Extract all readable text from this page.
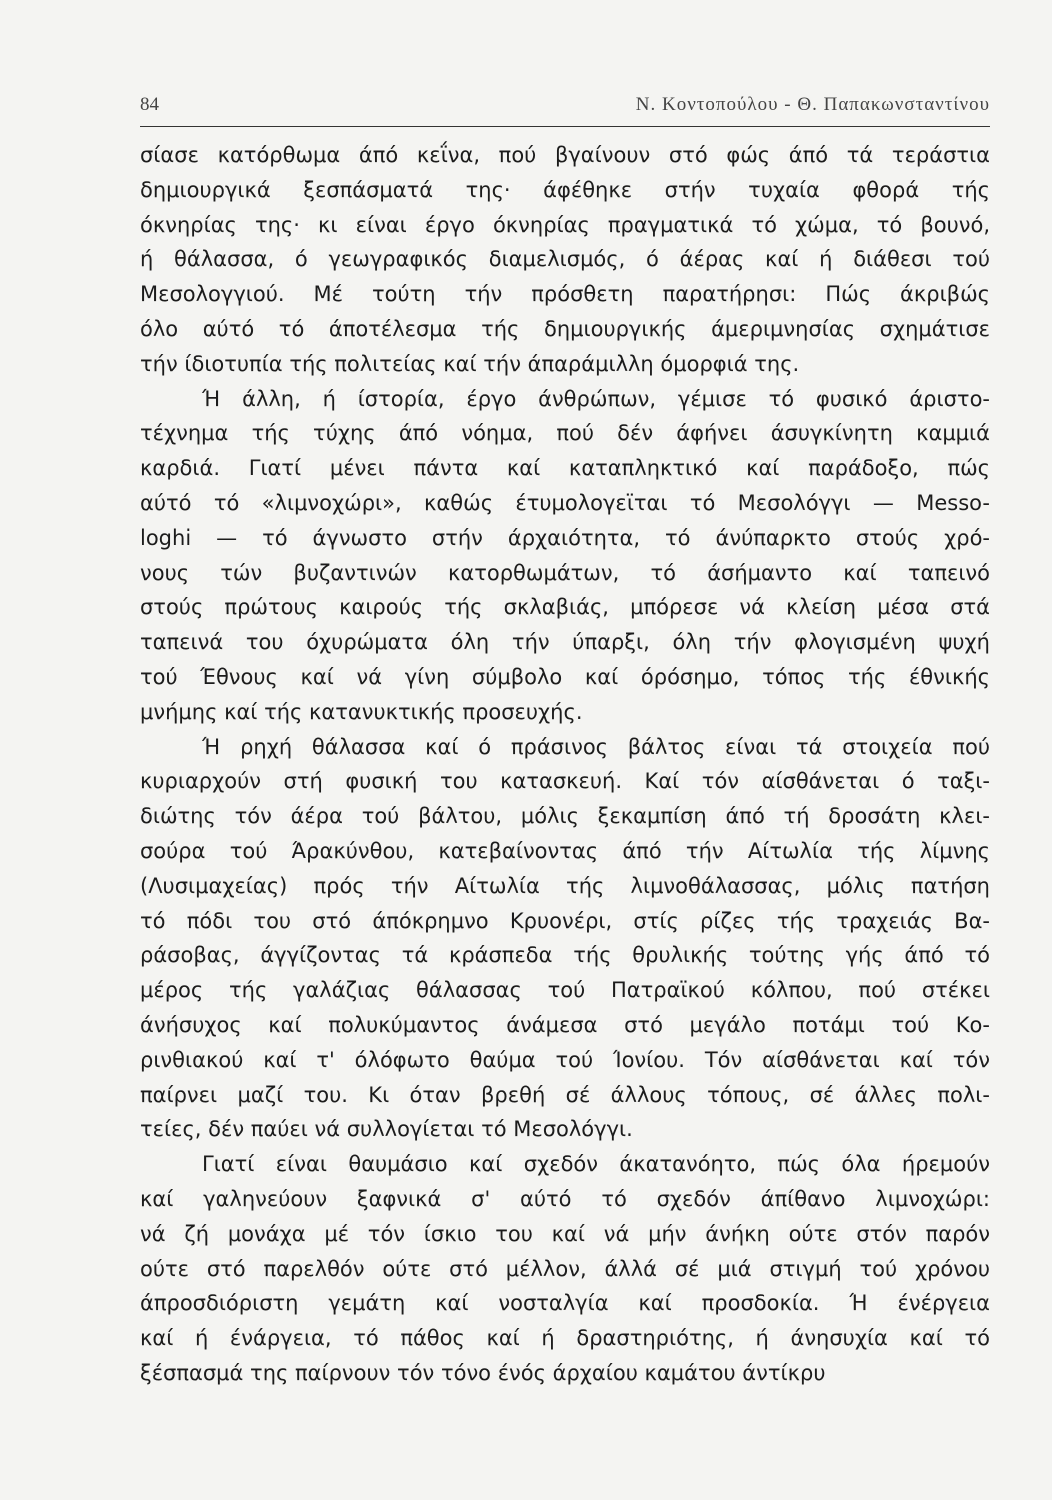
84	Ν. Κοντοπούλου - Θ. Παπακωνσταντίνου
σίασε κατόρθωμα άπό κεΐνα, πού βγαίνουν στό φώς άπό τά τεράστια
δημιουργικά ξεσπάσματά της· άφέθηκε στήν τυχαία φθορά τής
όκνηρίας της· κι είναι έργο όκνηρίας πραγματικά τό χώμα, τό βουνό,
ή θάλασσα, ό γεωγραφικός διαμελισμός, ό άέρας καί ή διάθεσι τού
Μεσολογγιού. Μέ τούτη τήν πρόσθετη παρατήρησι: Πώς άκριβώς
όλο αύτό τό άποτέλεσμα τής δημιουργικής άμεριμνησίας σχημάτισε
τήν ίδιοτυπία τής πολιτείας καί τήν άπαράμιλλη όμορφιά της.
Ή άλλη, ή ίστορία, έργο άνθρώπων, γέμισε τό φυσικό άριστο-
τέχνημα τής τύχης άπό νόημα, πού δέν άφήνει άσυγκίνητη καμμιά
καρδιά. Γιατί μένει πάντα καί καταπληκτικό καί παράδοξο, πώς
αύτό τό «λιμνοχώρι», καθώς έτυμολογεϊται τό Μεσολόγγι — Messo-
loghi — τό άγνωστο στήν άρχαιότητα, τό άνύπαρκτο στούς χρό-
νους τών βυζαντινών κατορθωμάτων, τό άσήμαντο καί ταπεινό
στούς πρώτους καιρούς τής σκλαβιάς, μπόρεσε νά κλείση μέσα στά
ταπεινά του όχυρώματα όλη τήν ύπαρξι, όλη τήν φλογισμένη ψυχή
τού Έθνους καί νά γίνη σύμβολο καί όρόσημο, τόπος τής έθνικής
μνήμης καί τής κατανυκτικής προσευχής.
Ή ρηχή θάλασσα καί ό πράσινος βάλτος είναι τά στοιχεία πού
κυριαρχούν στή φυσική του κατασκευή. Καί τόν αίσθάνεται ό ταξι-
διώτης τόν άέρα τού βάλτου, μόλις ξεκαμπίση άπό τή δροσάτη κλει-
σούρα τού Άρακύνθου, κατεβαίνοντας άπό τήν Αίτωλία τής λίμνης
(Λυσιμαχείας) πρός τήν Αίτωλία τής λιμνοθάλασσας, μόλις πατήση
τό πόδι του στό άπόκρημνο Κρυονέρι, στίς ρίζες τής τραχειάς Βα-
ράσοβας, άγγίζοντας τά κράσπεδα τής θρυλικής τούτης γής άπό τό
μέρος τής γαλάζιας θάλασσας τού Πατραϊκού κόλπου, πού στέκει
άνήσυχος καί πολυκύμαντος άνάμεσα στό μεγάλο ποτάμι τού Κο-
ρινθιακού καί τ' όλόφωτο θαύμα τού Ίονίου. Τόν αίσθάνεται καί τόν
παίρνει μαζί του. Κι όταν βρεθή σέ άλλους τόπους, σέ άλλες πολι-
τείες, δέν παύει νά συλλογίεται τό Μεσολόγγι.
Γιατί είναι θαυμάσιο καί σχεδόν άκατανόητο, πώς όλα ήρεμούν
καί γαληνεύουν ξαφνικά σ' αύτό τό σχεδόν άπίθανο λιμνοχώρι:
νά ζή μονάχα μέ τόν ίσκιο του καί νά μήν άνήκη ούτε στόν παρόν
ούτε στό παρελθόν ούτε στό μέλλον, άλλά σέ μιά στιγμή τού χρόνου
άπροσδιόριστη γεμάτη καί νοσταλγία καί προσδοκία. Ή ένέργεια
καί ή ένάργεια, τό πάθος καί ή δραστηριότης, ή άνησυχία καί τό
ξέσπασμά της παίρνουν τόν τόνο ένός άρχαίου καμάτου άντίκρυ
